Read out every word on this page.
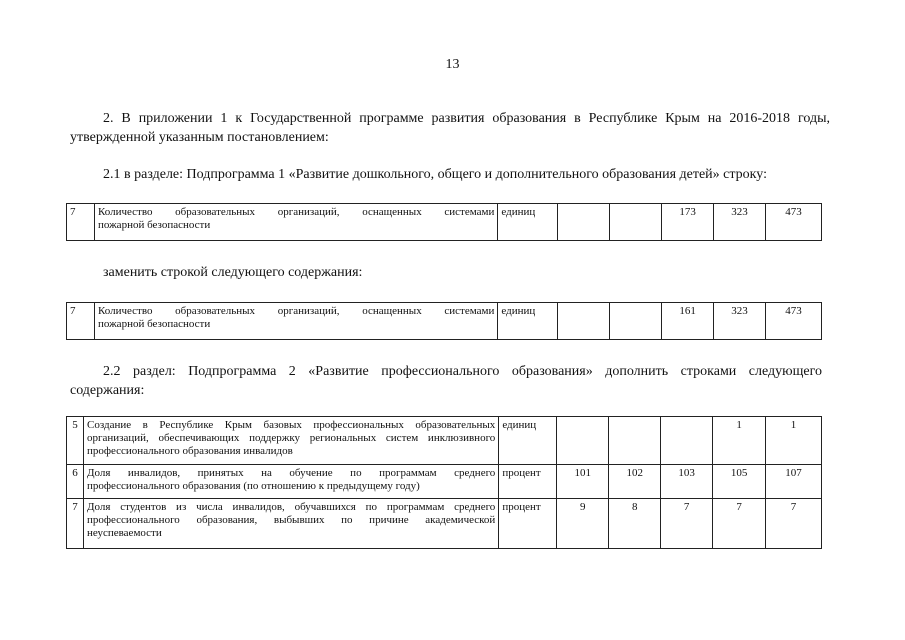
13

2. В приложении 1 к Государственной программе развития образования в Республике Крым на 2016-2018 годы,
утвержденной указанным постановлением:

2.1 в разделе: Подпрограмма 1 «Развитие дошкольного, общего и дополнительного образования детей» строку:

7	Количество образовательных организаций, оснащенных системами
пожарной безопасности	единиц			173	323	473

заменить строкой следующего содержания:

7	Количество образовательных организаций, оснащенных системами
пожарной безопасности	единиц			161	323	473

2.2 раздел: Подпрограмма 2 «Развитие профессионального образования» дополнить строками следующего
содержания:

5	Создание в Республике Крым базовых профессиональных образовательных
организаций, обеспечивающих поддержку региональных систем инклюзивного профессионального образования инвалидов	единиц				1	1
6	Доля инвалидов, принятых на обучение по программам среднего
профессионального образования (по отношению к предыдущему году)	процент	101	102	103	105	107
7	Доля студентов из числа инвалидов, обучавшихся по программам среднего
профессионального образования, выбывших по причине академической неуспеваемости	процент	9	8	7	7	7
